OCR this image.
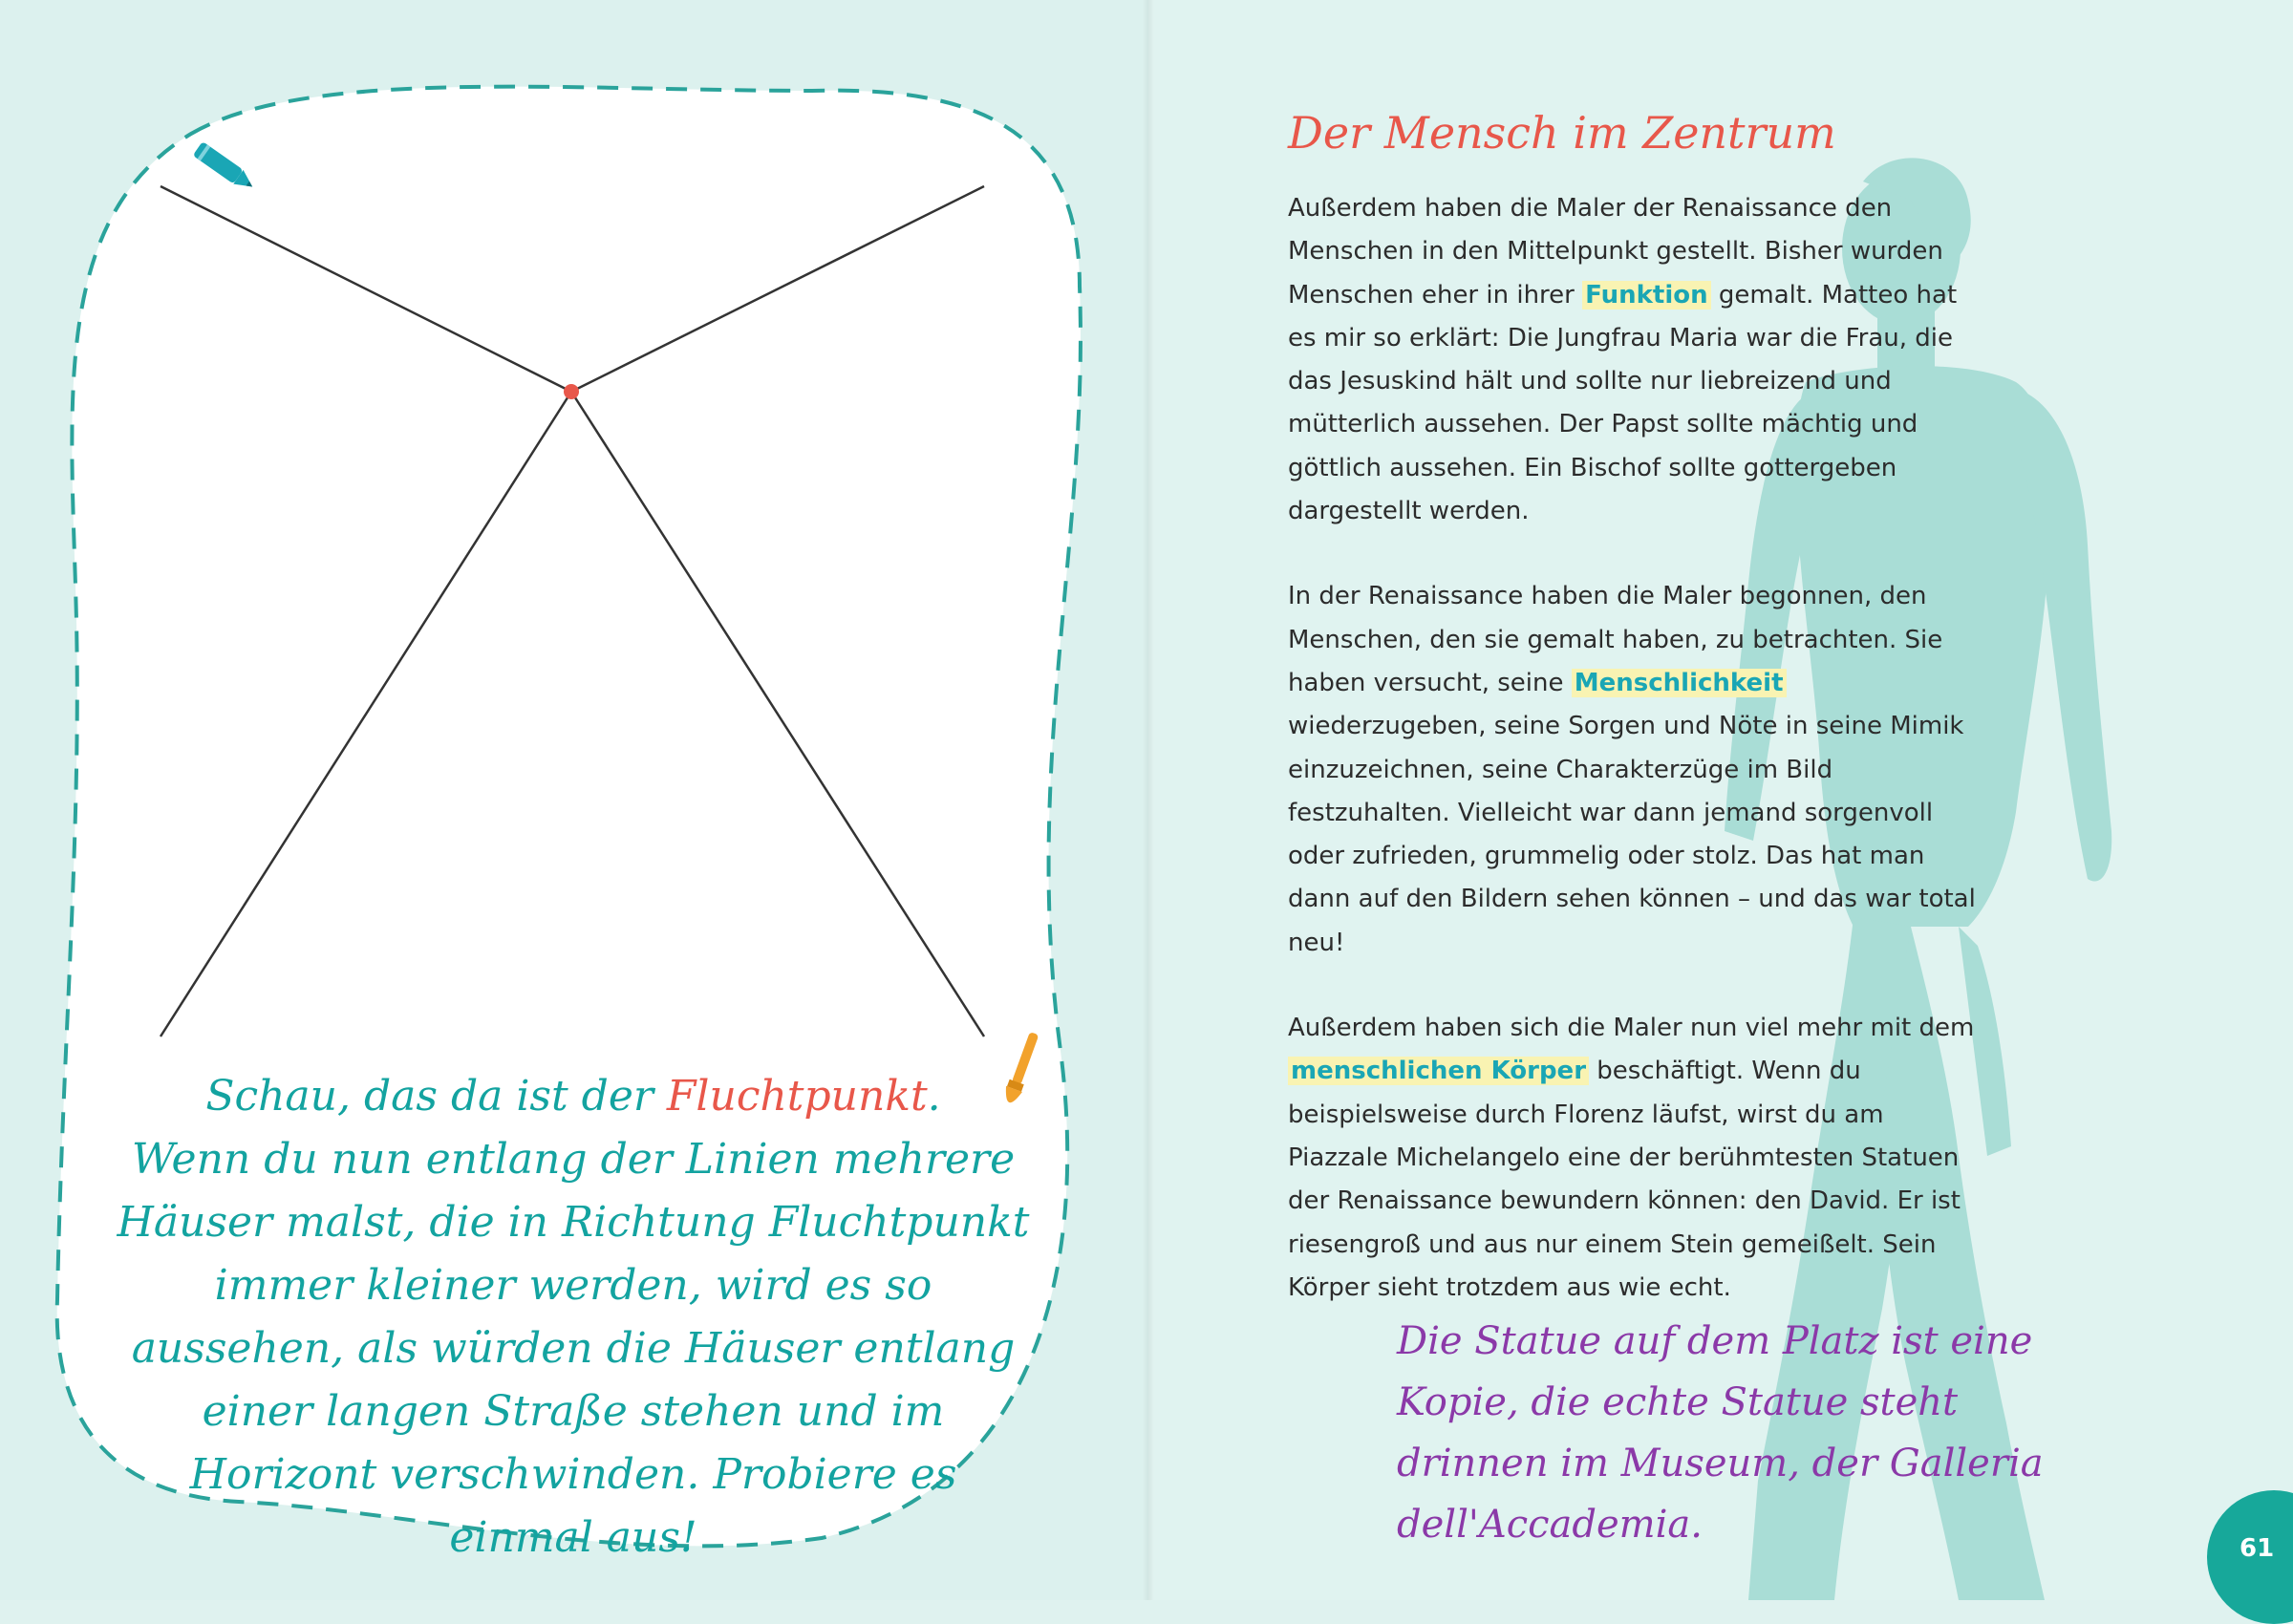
Schau, das da ist der Fluchtpunkt.
Wenn du nun entlang der Linien mehrere Häuser malst, die in Richtung Fluchtpunkt immer kleiner werden, wird es so aussehen, als würden die Häuser entlang einer langen Straße stehen und im Horizont verschwinden. Probiere es einmal aus!
Der Mensch im Zentrum

Außerdem haben die Maler der Renaissance den Menschen in den Mittelpunkt gestellt. Bisher wurden Menschen eher in ihrer Funktion gemalt. Matteo hat es mir so erklärt: Die Jungfrau Maria war die Frau, die das Jesuskind hält und sollte nur liebreizend und mütterlich aussehen. Der Papst sollte mächtig und göttlich aussehen. Ein Bischof sollte gottergeben dargestellt werden.

In der Renaissance haben die Maler begonnen, den Menschen, den sie gemalt haben, zu betrachten. Sie haben versucht, seine Menschlichkeit wiederzugeben, seine Sorgen und Nöte in seine Mimik einzuzeichnen, seine Charakterzüge im Bild festzuhalten. Vielleicht war dann jemand sorgenvoll oder zufrieden, grummelig oder stolz. Das hat man dann auf den Bildern sehen können – und das war total neu!

Außerdem haben sich die Maler nun viel mehr mit dem menschlichen Körper beschäftigt. Wenn du beispielsweise durch Florenz läufst, wirst du am Piazzale Michelangelo eine der berühmtesten Statuen der Renaissance bewundern können: den David. Er ist riesengroß und aus nur einem Stein gemeißelt. Sein Körper sieht trotzdem aus wie echt.

Die Statue auf dem Platz ist eine Kopie, die echte Statue steht drinnen im Museum, der Galleria dell'Accademia.
61
